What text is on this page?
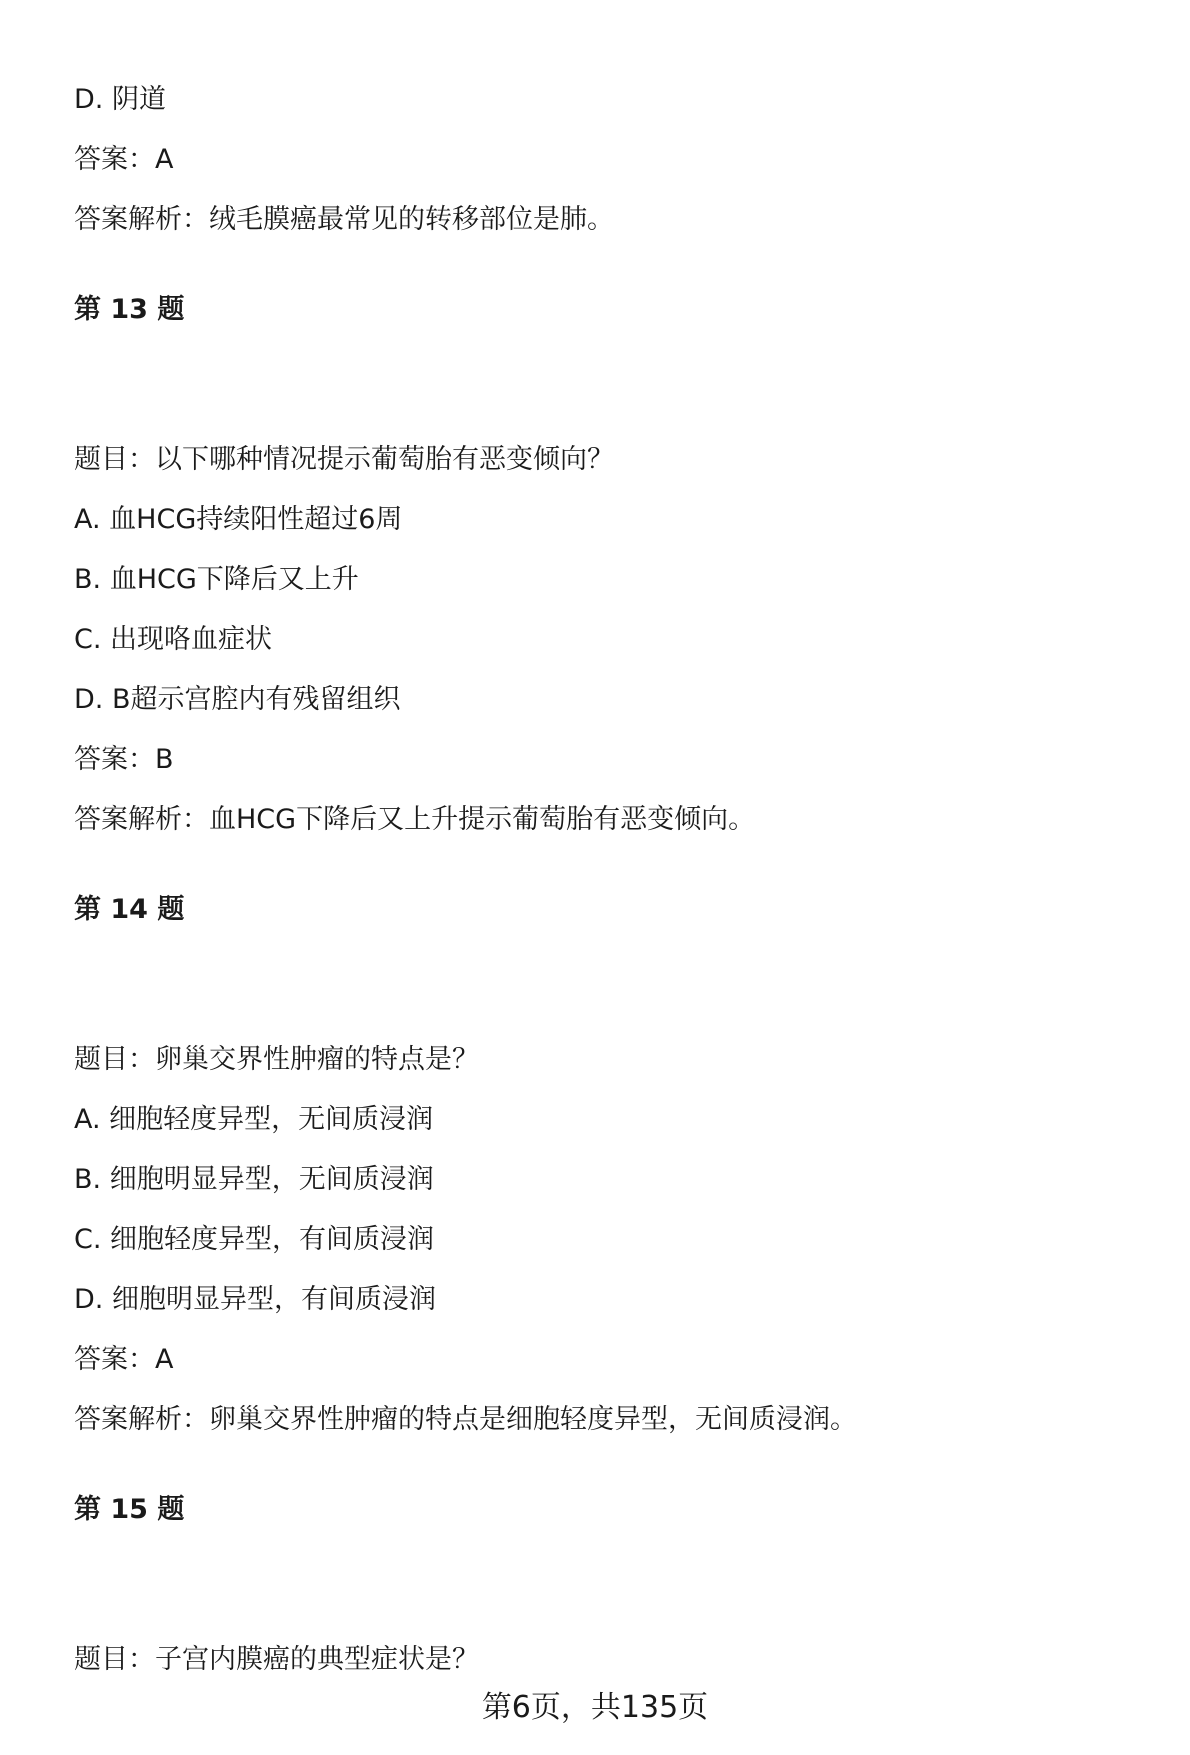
D. 阴道
答案：A
答案解析：绒毛膜癌最常见的转移部位是肺。
第 13 题
题目：以下哪种情况提示葡萄胎有恶变倾向？
A. 血HCG持续阳性超过6周
B. 血HCG下降后又上升
C. 出现咯血症状
D. B超示宫腔内有残留组织
答案：B
答案解析：血HCG下降后又上升提示葡萄胎有恶变倾向。
第 14 题
题目：卵巢交界性肿瘤的特点是？
A. 细胞轻度异型，无间质浸润
B. 细胞明显异型，无间质浸润
C. 细胞轻度异型，有间质浸润
D. 细胞明显异型，有间质浸润
答案：A
答案解析：卵巢交界性肿瘤的特点是细胞轻度异型，无间质浸润。
第 15 题
题目：子宫内膜癌的典型症状是？
第6页，共135页
